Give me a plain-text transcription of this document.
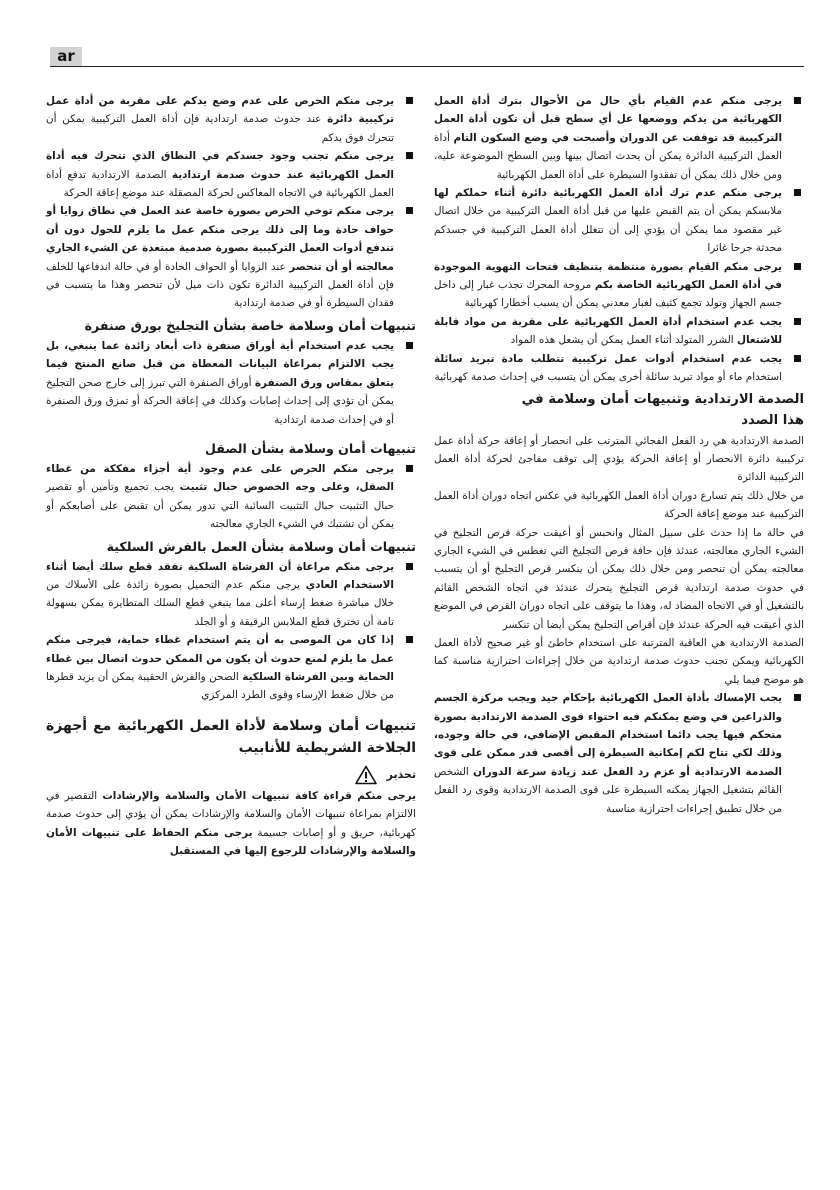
ar

يرجى منكم عدم القيام بأي حال من الأحوال بترك أداة العمل الكهربائية من يدكم ووضعها عل أي سطح قبل أن تكون أداة العمل التركيبية قد توقفت عن الدوران وأصبحت في وضع السكون التام أداة العمل التركيبية الدائرة يمكن أن يحدث اتصال بينها وبين السطح الموضوعة عليه، ومن خلال ذلك يمكن أن تفقدوا السيطرة على أداة العمل الكهربائية

يرجى منكم عدم ترك أداة العمل الكهربائية دائرة أثناء حملكم لها ملابسكم يمكن أن يتم القبض عليها من قبل أداة العمل التركيبية من خلال اتصال غير مقصود مما يمكن أن يؤدي إلى أن تتغلل أداة العمل التركيبية في جسدكم محدثة جرحا غائرا

يرجى منكم القيام بصورة منتظمة بتنظيف فتحات التهوية الموجودة في أداة العمل الكهربائية الخاصة بكم مروحة المحرك تجذب غبار إلى داخل جسم الجهاز وتولد تجمع كثيف لغبار معدني يمكن أن يسبب أخطارا كهربائية

يجب عدم استخدام أداة العمل الكهربائية على مقربة من مواد قابلة للاشتعال الشرر المتولد أثناء العمل يمكن أن يشعل هذه المواد

يجب عدم استخدام أدوات عمل تركيبية تتطلب مادة تبريد سائلة استخدام ماء أو مواد تبريد سائلة أخرى يمكن أن يتسبب في إحداث صدمة كهربائية

الصدمة الارتدادية وتنبيهات أمان وسلامة في
هذا الصدد

الصدمة الارتدادية هي رد الفعل الفجائي المترتب على انحصار أو إعاقة حركة أداة عمل تركيبية دائرة الانحصار أو إعاقة الحركة يؤدي إلى توقف مفاجئ لحركة أداة العمل التركيبية الدائرة

من خلال ذلك يتم تسارع دوران أداة العمل الكهربائية في عكس اتجاه دوران أداة العمل التركيبية عند موضع إعاقة الحركة

في حالة ما إذا حدث على سبيل المثال وانحبس أو أعيقت حركة قرص التجليخ في الشيء الجاري معالجته، عندئذ فإن حافة قرص التجليخ التي تغطس في الشيء الجاري معالجته يمكن أن تنحصر ومن خلال ذلك يمكن أن ينكسر قرص التجليخ أو أن يتسبب في حدوث صدمة ارتدادية قرص التجليخ يتحرك عندئذ في اتجاه الشخص القائم بالتشغيل أو في الاتجاه المضاد له، وهذا ما يتوقف على اتجاه دوران القرص في الموضع الذي أعيقت فيه الحركة عندئذ فإن أقراص التجليخ يمكن أيضا أن تنكسر

الصدمة الارتدادية هي العاقبة المترتبة على استخدام خاطئ أو غير صحيح لأداة العمل الكهربائية ويمكن تجنب حدوث صدمة ارتدادية من خلال إجراءات احترازية مناسبة كما هو موضح فيما يلي

يجب الإمساك بأداة العمل الكهربائية بإحكام جيد ويجب مركزة الجسم والذراعين في وضع يمكنكم فيه احتواء قوى الصدمة الارتدادية بصورة متحكم فيها يجب دائما استخدام المقبض الإضافي، في حالة وجوده، وذلك لكي تتاح لكم إمكانية السيطرة إلى أقصى قدر ممكن على قوى الصدمة الارتدادية أو عزم رد الفعل عند زيادة سرعة الدوران الشخص القائم بتشغيل الجهاز يمكنه السيطرة على قوى الصدمة الارتدادية وقوى رد الفعل من خلال تطبيق إجراءات احترازية مناسبة

يرجى منكم الحرص على عدم وضع يدكم على مقربة من أداة عمل تركيبية دائرة عند حدوث صدمة ارتدادية فإن أداة العمل التركيبية يمكن أن تتحرك فوق يدكم

يرجى منكم تجنب وجود جسدكم في النطاق الذي تتحرك فيه أداة العمل الكهربائية عند حدوث صدمة ارتدادية الصدمة الارتدادية تدفع أداة العمل الكهربائية في الاتجاه المعاكس لحركة المصقلة عند موضع إعاقة الحركة

يرجى منكم توخي الحرص بصورة خاصة عند العمل في نطاق زوايا أو حواف حادة وما إلى ذلك يرجى منكم عمل ما يلزم للحول دون أن تندفع أدوات العمل التركيبية بصورة صدمية مبتعدة عن الشيء الجاري معالجته أو أن تنحصر عند الزوايا أو الحواف الحادة أو في حالة اندفاعها للخلف فإن أداة العمل التركيبية الدائرة تكون ذات ميل لأن تنحصر وهذا ما يتسبب في فقدان السيطرة أو في صدمة ارتدادية

تنبيهات أمان وسلامة خاصة بشأن التجليخ بورق صنفرة

يجب عدم استخدام أية أوراق صنفرة ذات أبعاد زائدة عما ينبغي، بل يجب الالتزام بمراعاة البيانات المعطاة من قبل صانع المنتج فيما يتعلق بمقاس ورق الصنفرة أوراق الصنفرة التي تبرز إلى خارج صحن التجليخ يمكن أن تؤدي إلى إحداث إصابات وكذلك في إعاقة الحركة أو تمزق ورق الصنفرة أو في إحداث صدمة ارتدادية

تنبيهات أمان وسلامة بشأن الصقل

يرجى منكم الحرص على عدم وجود أية أجزاء مفككة من غطاء الصقل، وعلى وجه الخصوص حبال تثبيت يجب تجميع وتأمين أو تقصير حبال التثبيت حبال التثبيت السائبة التي تدور يمكن أن تقبض على أصابعكم أو يمكن أن تشتبك في الشيء الجاري معالجته

تنبيهات أمان وسلامة بشأن العمل بالفرش السلكية

يرجى منكم مراعاة أن الفرشاة السلكية تفقد قطع سلك أيضا أثناء الاستخدام العادي يرجى منكم عدم التحميل بصورة زائدة على الأسلاك من خلال مباشرة ضغط إرساء أعلى مما ينبغي قطع السلك المتطايرة يمكن بسهولة تامة أن تخترق قطع الملابس الرقيقة و أو الجلد

إذا كان من الموصى به أن يتم استخدام غطاء حماية، فيرجى منكم عمل ما يلزم لمنع حدوث أن يكون من الممكن حدوث اتصال بين غطاء الحماية وبين الفرشاة السلكية الصحن والفرش الحقيبة يمكن أن يزيد قطرها من خلال ضغط الإرساء وقوى الطرد المركزي

تنبيهات أمان وسلامة لأداة العمل الكهربائية مع أجهزة الجلاخة الشريطية للأنابيب
تحذير

يرجى منكم قراءة كافة تنبيهات الأمان والسلامة والإرشادات التقصير في الالتزام بمراعاة تنبيهات الأمان والسلامة والإرشادات يمكن أن يؤدي إلى حدوث صدمة كهربائية، حريق و أو إصابات جسيمة يرجى منكم الحفاظ على تنبيهات الأمان والسلامة والإرشادات للرجوع إليها في المستقبل
